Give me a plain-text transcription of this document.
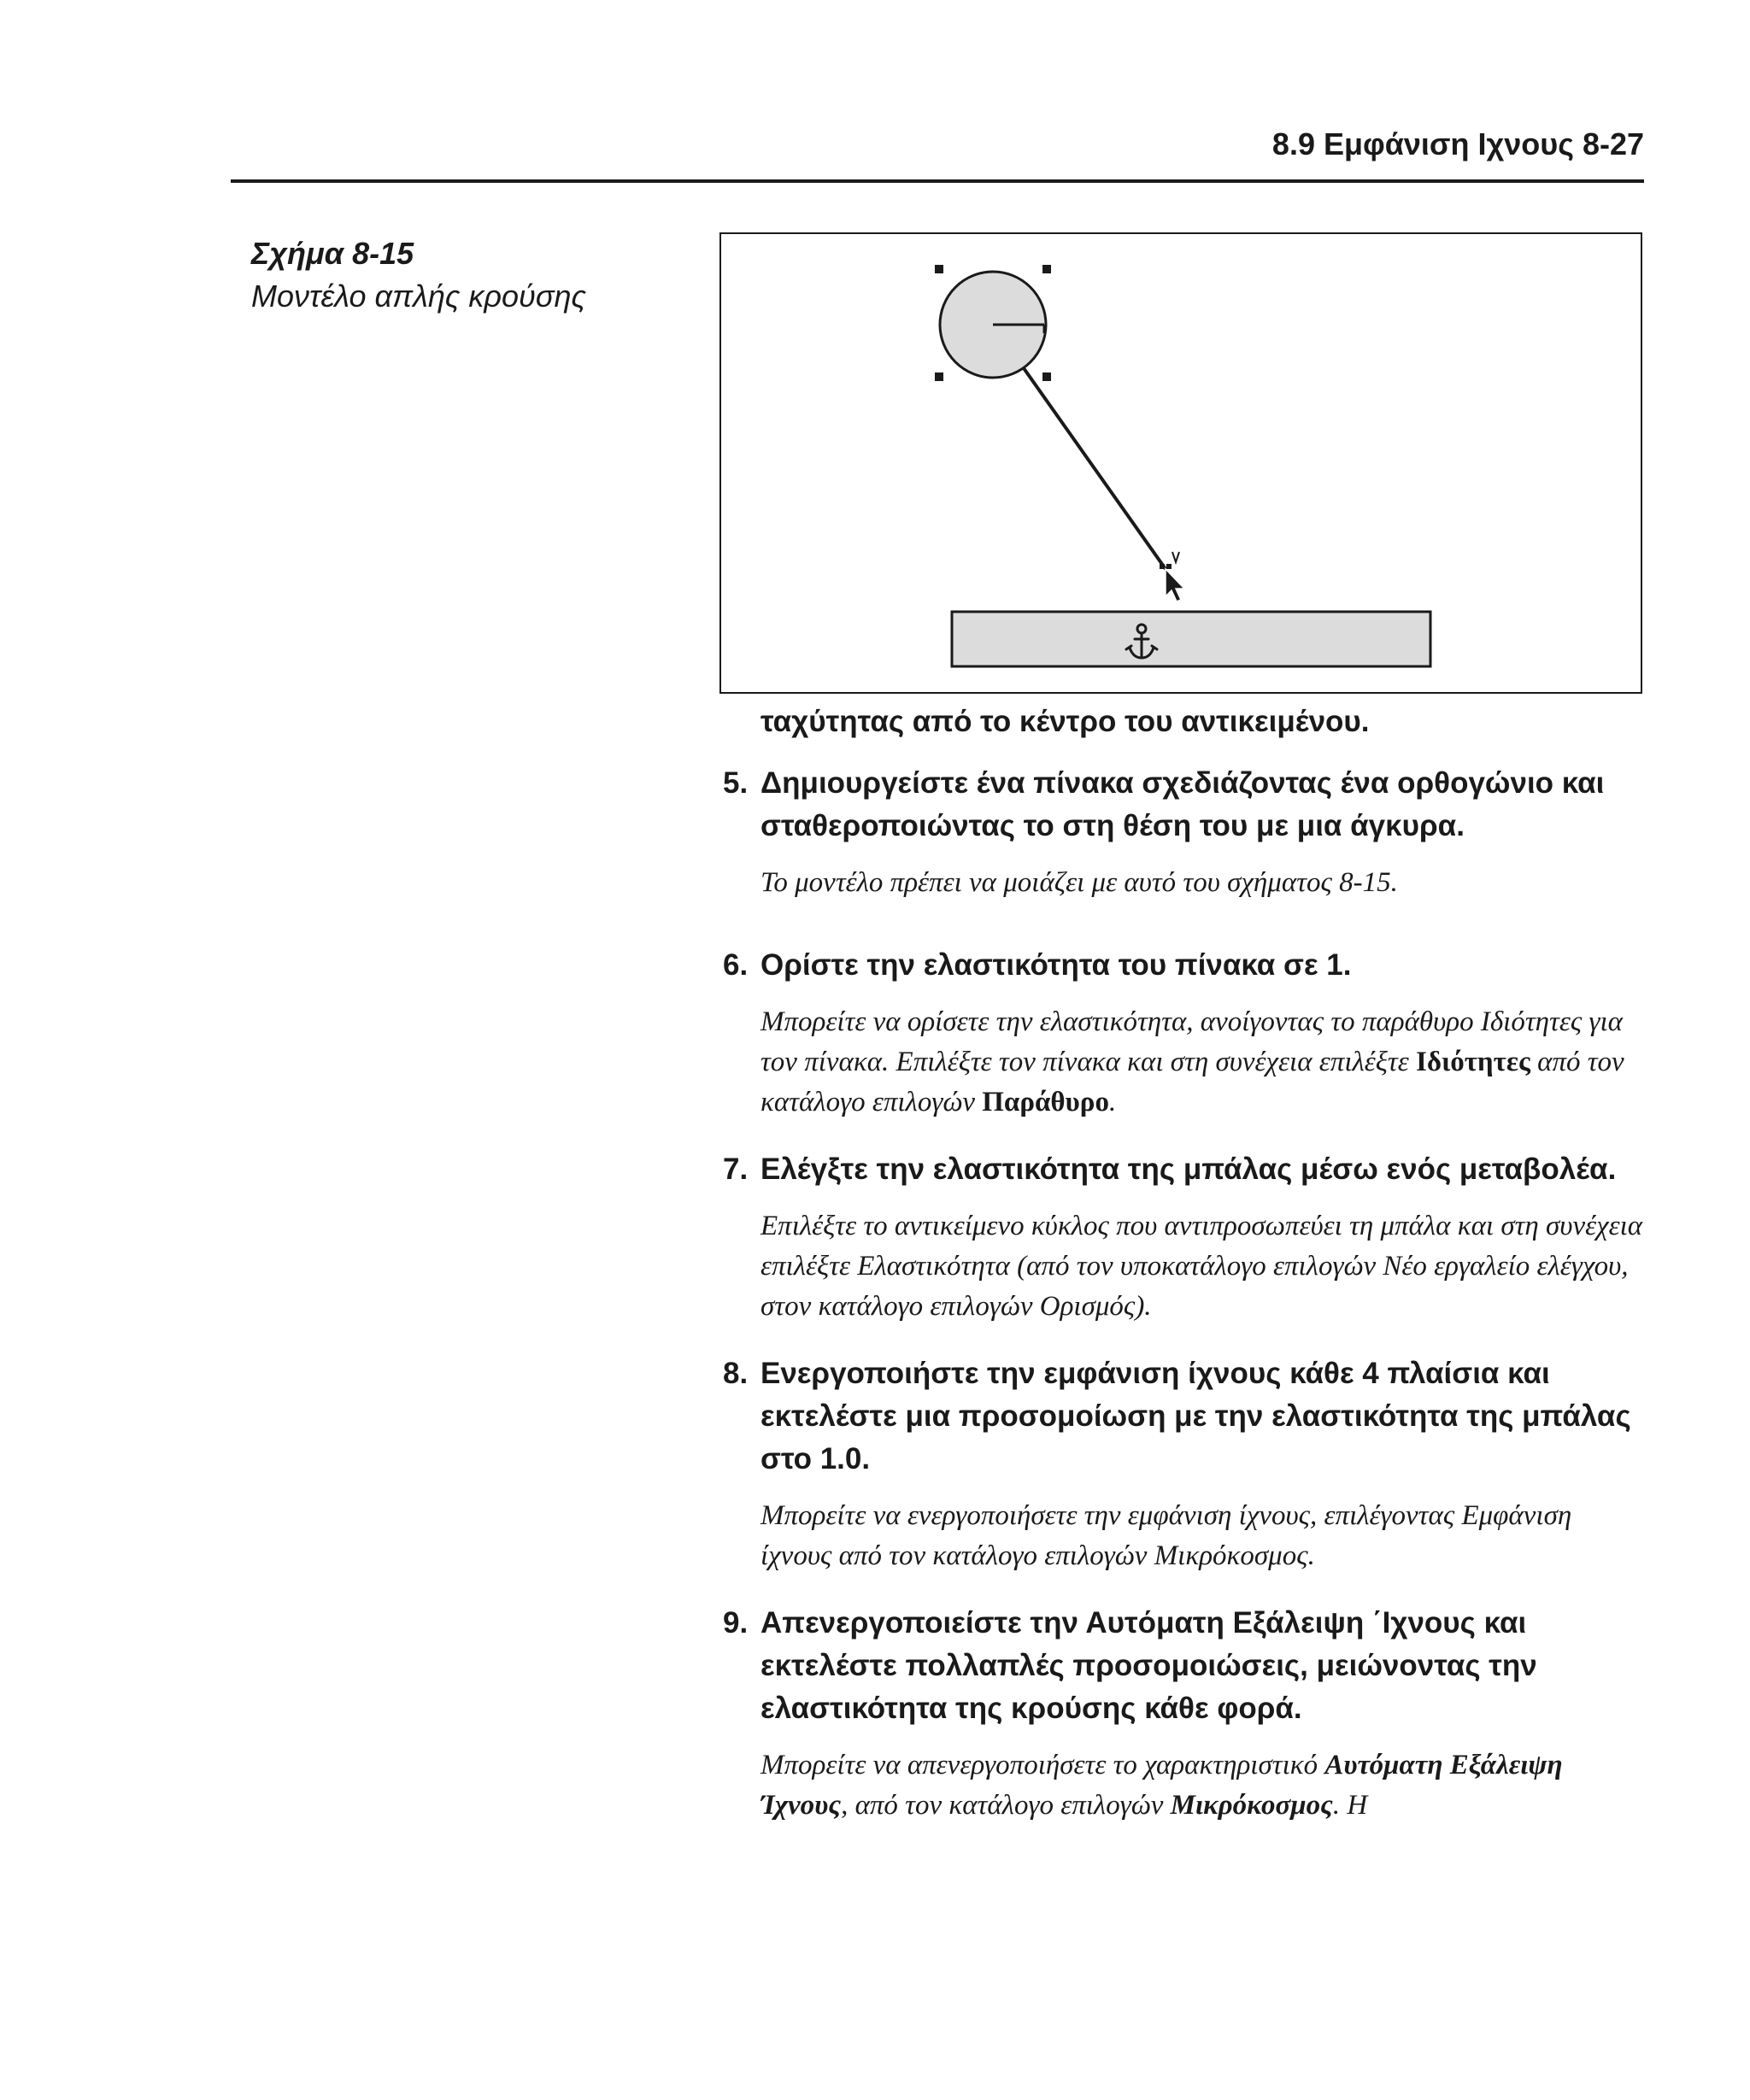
8.9 Εμφάνιση Ιχνους 8-27
Σχήμα 8-15
Μοντέλο απλής κρούσης
ταχύτητας από το κέντρο του αντικειμένου.
5. Δημιουργείστε ένα πίνακα σχεδιάζοντας ένα ορθογώνιο και σταθεροποιώντας το στη θέση του με μια άγκυρα.
Το μοντέλο πρέπει να μοιάζει με αυτό του σχήματος 8-15.
6. Ορίστε την ελαστικότητα του πίνακα σε 1.
Μπορείτε να ορίσετε την ελαστικότητα, ανοίγοντας το παράθυρο Ιδιότητες για τον πίνακα. Επιλέξτε τον πίνακα και στη συνέχεια επιλέξτε Ιδιότητες από τον κατάλογο επιλογών Παράθυρο.
7. Ελέγξτε την ελαστικότητα της μπάλας μέσω ενός μεταβολέα.
Επιλέξτε το αντικείμενο κύκλος που αντιπροσωπεύει τη μπάλα και στη συνέχεια επιλέξτε Ελαστικότητα (από τον υποκατάλογο επιλογών Νέο εργαλείο ελέγχου, στον κατάλογο επιλογών Ορισμός).
8. Ενεργοποιήστε την εμφάνιση ίχνους κάθε 4 πλαίσια και εκτελέστε μια προσομοίωση με την ελαστικότητα της μπάλας στο 1.0.
Μπορείτε να ενεργοποιήσετε την εμφάνιση ίχνους, επιλέγοντας Εμφάνιση ίχνους από τον κατάλογο επιλογών Μικρόκοσμος.
9. Απενεργοποιείστε την Αυτόματη Εξάλειψη ΄Ιχνους και εκτελέστε πολλαπλές προσομοιώσεις, μειώνοντας την ελαστικότητα της κρούσης κάθε φορά.
Μπορείτε να απενεργοποιήσετε το χαρακτηριστικό Αυτόματη Εξάλειψη Ίχνους, από τον κατάλογο επιλογών Μικρόκοσμος. Η
